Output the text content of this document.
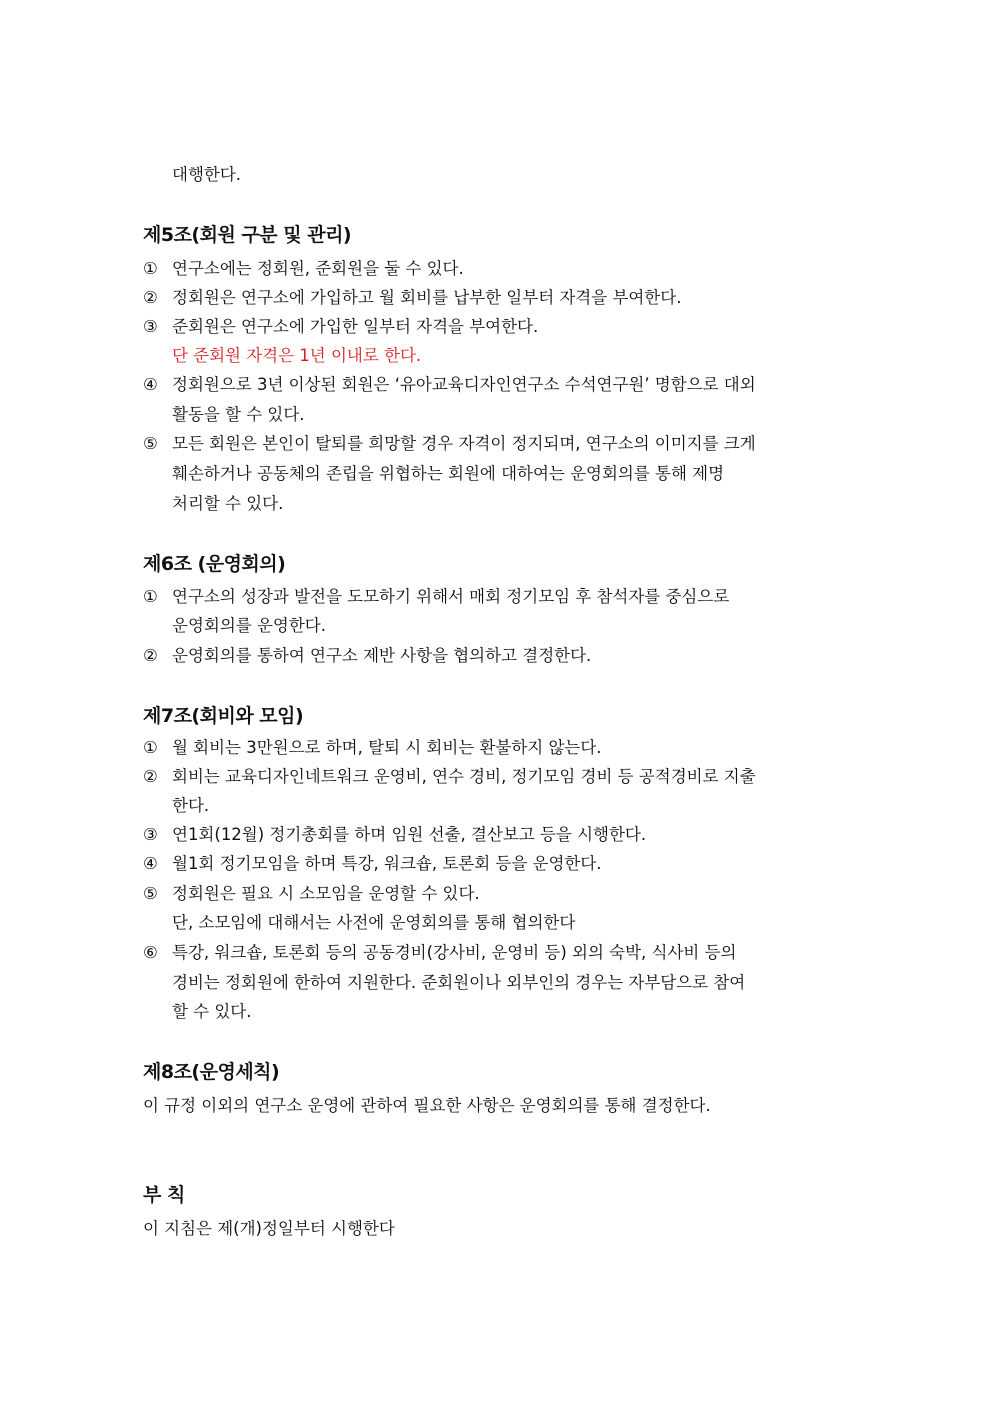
대행한다.
제5조(회원 구분 및 관리)
① 연구소에는 정회원, 준회원을 둘 수 있다.
② 정회원은 연구소에 가입하고 월 회비를 납부한 일부터 자격을 부여한다.
③ 준회원은 연구소에 가입한 일부터 자격을 부여한다.
단 준회원 자격은 1년 이내로 한다.
④ 정회원으로 3년 이상된 회원은 ‘유아교육디자인연구소 수석연구원’ 명함으로 대외
활동을 할 수 있다.
⑤ 모든 회원은 본인이 탈퇴를 희망할 경우 자격이 정지되며, 연구소의 이미지를 크게
훼손하거나 공동체의 존립을 위협하는 회원에 대하여는 운영회의를 통해 제명
처리할 수 있다.
제6조 (운영회의)
① 연구소의 성장과 발전을 도모하기 위해서 매회 정기모임 후 참석자를 중심으로
운영회의를 운영한다.
② 운영회의를 통하여 연구소 제반 사항을 협의하고 결정한다.
제7조(회비와 모임)
① 월 회비는 3만원으로 하며, 탈퇴 시 회비는 환불하지 않는다.
② 회비는 교육디자인네트워크 운영비, 연수 경비, 정기모임 경비 등 공적경비로 지출
한다.
③ 연1회(12월) 정기총회를 하며 임원 선출, 결산보고 등을 시행한다.
④ 월1회 정기모임을 하며 특강, 워크숍, 토론회 등을 운영한다.
⑤ 정회원은 필요 시 소모임을 운영할 수 있다.
단, 소모임에 대해서는 사전에 운영회의를 통해 협의한다
⑥ 특강, 워크숍, 토론회 등의 공동경비(강사비, 운영비 등) 외의 숙박, 식사비 등의
경비는 정회원에 한하여 지원한다. 준회원이나 외부인의 경우는 자부담으로 참여
할 수 있다.
제8조(운영세칙)
이 규정 이외의 연구소 운영에 관하여 필요한 사항은 운영회의를 통해 결정한다.
부 칙
이 지침은 제(개)정일부터 시행한다
